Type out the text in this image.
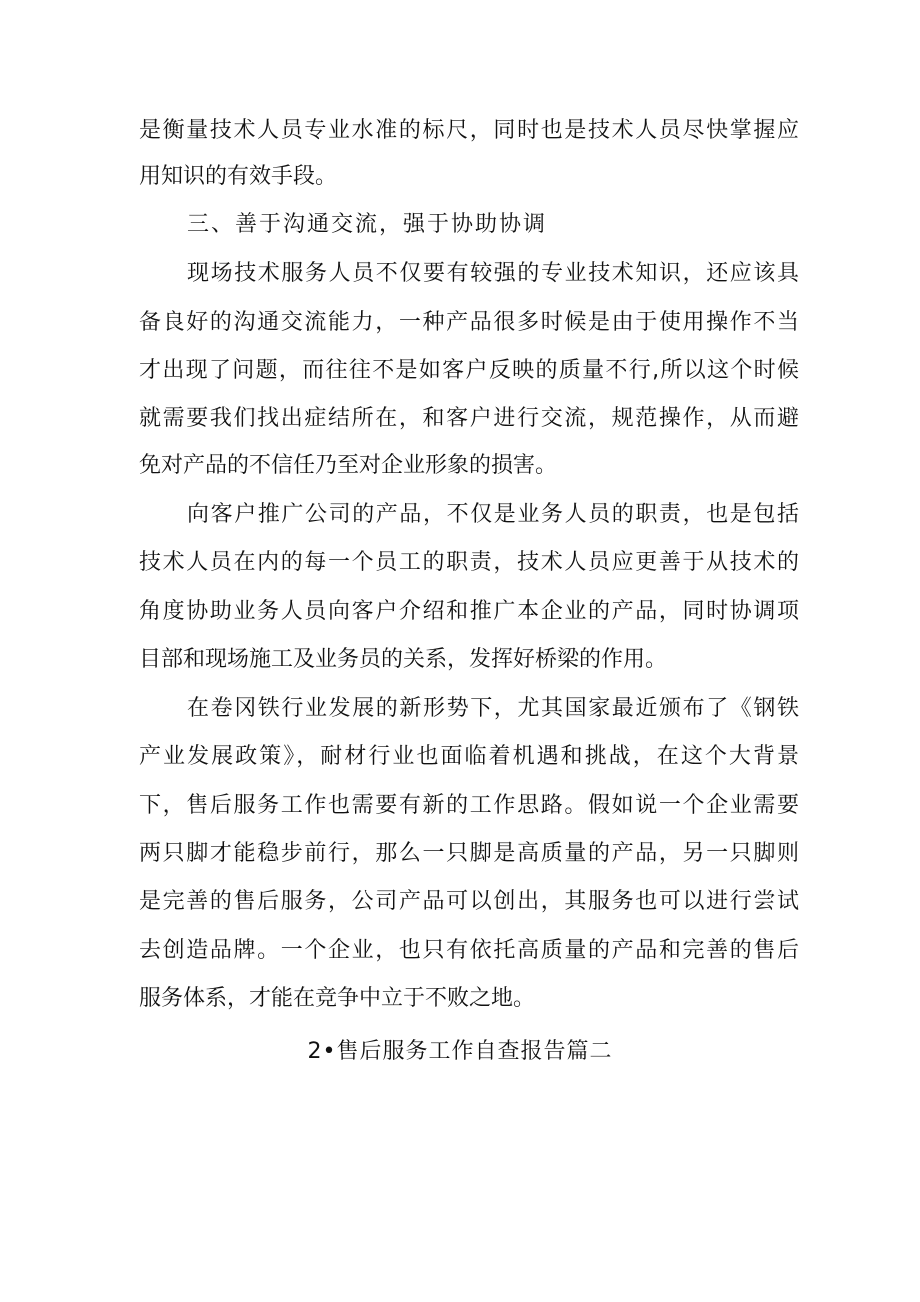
是衡量技术人员专业水准的标尺，同时也是技术人员尽快掌握应
用知识的有效手段。
三、善于沟通交流，强于协助协调
现场技术服务人员不仅要有较强的专业技术知识，还应该具
备良好的沟通交流能力，一种产品很多时候是由于使用操作不当
才出现了问题，而往往不是如客户反映的质量不行,所以这个时候
就需要我们找出症结所在，和客户进行交流，规范操作，从而避
免对产品的不信任乃至对企业形象的损害。
向客户推广公司的产品，不仅是业务人员的职责，也是包括
技术人员在内的每一个员工的职责，技术人员应更善于从技术的
角度协助业务人员向客户介绍和推广本企业的产品，同时协调项
目部和现场施工及业务员的关系，发挥好桥梁的作用。
在卷冈铁行业发展的新形势下，尤其国家最近颁布了《钢铁
产业发展政策》，耐材行业也面临着机遇和挑战，在这个大背景
下，售后服务工作也需要有新的工作思路。假如说一个企业需要
两只脚才能稳步前行，那么一只脚是高质量的产品，另一只脚则
是完善的售后服务，公司产品可以创出，其服务也可以进行尝试
去创造品牌。一个企业，也只有依托高质量的产品和完善的售后
服务体系，才能在竞争中立于不败之地。
2•售后服务工作自查报告篇二
